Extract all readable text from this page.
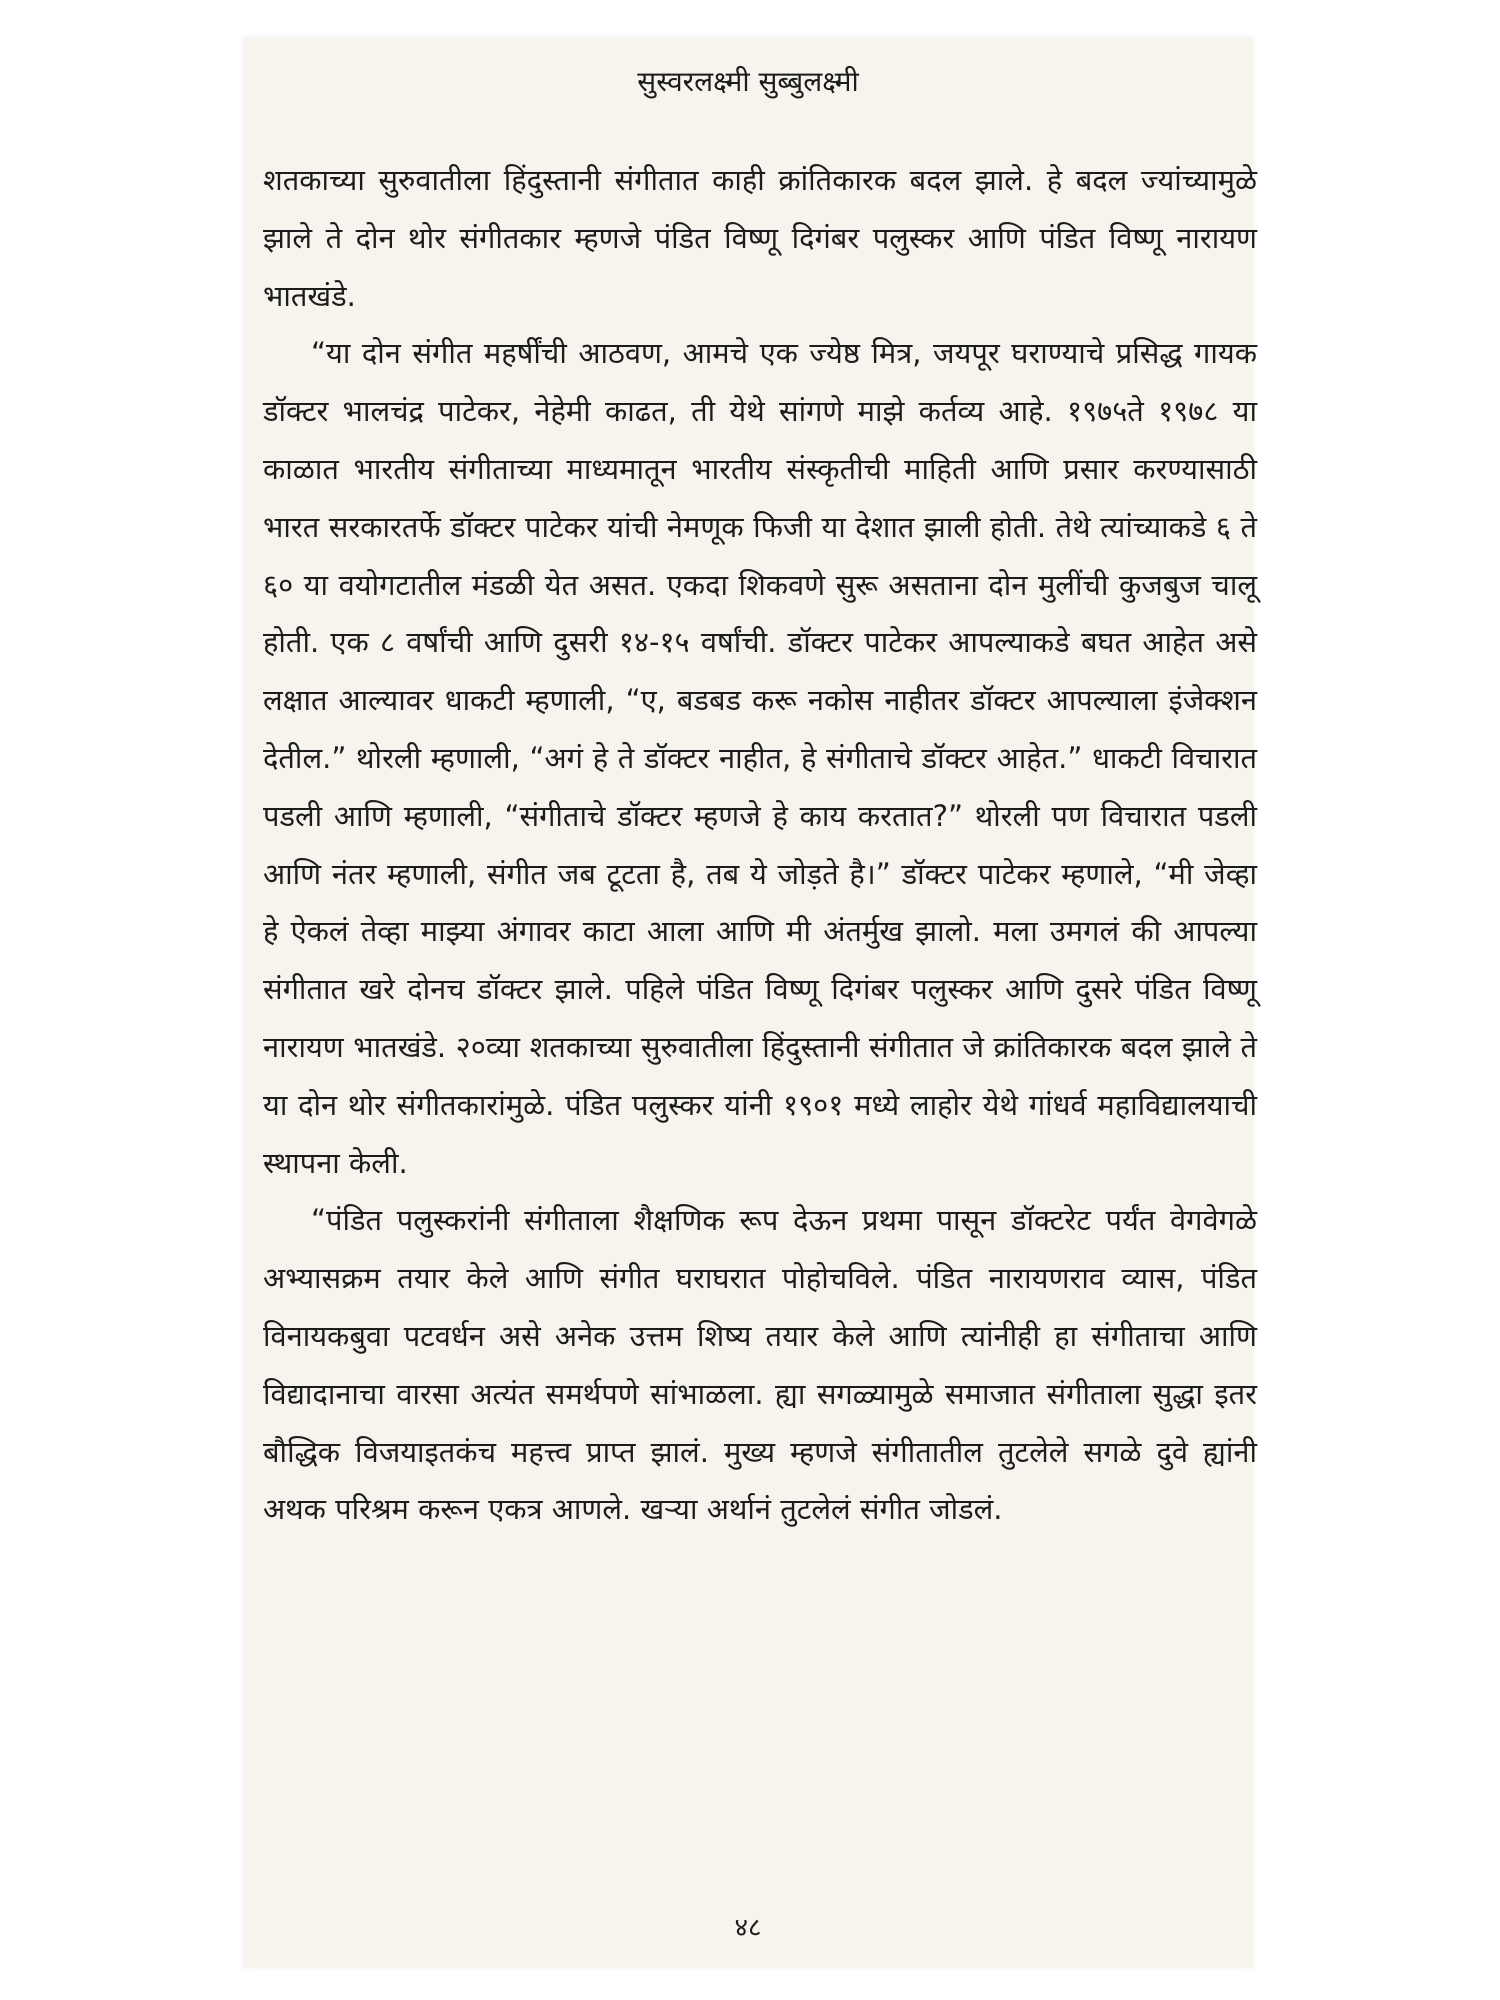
सुस्वरलक्ष्मी सुब्बुलक्ष्मी

शतकाच्या सुरुवातीला हिंदुस्तानी संगीतात काही क्रांतिकारक बदल झाले. हे बदल ज्यांच्यामुळे झाले ते दोन थोर संगीतकार म्हणजे पंडित विष्णू दिगंबर पलुस्कर आणि पंडित विष्णू नारायण भातखंडे.

“या दोन संगीत महर्षींची आठवण, आमचे एक ज्येष्ठ मित्र, जयपूर घराण्याचे प्रसिद्ध गायक डॉक्टर भालचंद्र पाटेकर, नेहेमी काढत, ती येथे सांगणे माझे कर्तव्य आहे. १९७५ते १९७८ या काळात भारतीय संगीताच्या माध्यमातून भारतीय संस्कृतीची माहिती आणि प्रसार करण्यासाठी भारत सरकारतर्फे डॉक्टर पाटेकर यांची नेमणूक फिजी या देशात झाली होती. तेथे त्यांच्याकडे ६ ते ६० या वयोगटातील मंडळी येत असत. एकदा शिकवणे सुरू असताना दोन मुलींची कुजबुज चालू होती. एक ८ वर्षांची आणि दुसरी १४-१५ वर्षांची. डॉक्टर पाटेकर आपल्याकडे बघत आहेत असे लक्षात आल्यावर धाकटी म्हणाली, “ए, बडबड करू नकोस नाहीतर डॉक्टर आपल्याला इंजेक्शन देतील.” थोरली म्हणाली, “अगं हे ते डॉक्टर नाहीत, हे संगीताचे डॉक्टर आहेत.” धाकटी विचारात पडली आणि म्हणाली, “संगीताचे डॉक्टर म्हणजे हे काय करतात?” थोरली पण विचारात पडली आणि नंतर म्हणाली, संगीत जब टूटता है, तब ये जोड़ते है।” डॉक्टर पाटेकर म्हणाले, “मी जेव्हा हे ऐकलं तेव्हा माझ्या अंगावर काटा आला आणि मी अंतर्मुख झालो. मला उमगलं की आपल्या संगीतात खरे दोनच डॉक्टर झाले. पहिले पंडित विष्णू दिगंबर पलुस्कर आणि दुसरे पंडित विष्णू नारायण भातखंडे. २०व्या शतकाच्या सुरुवातीला हिंदुस्तानी संगीतात जे क्रांतिकारक बदल झाले ते या दोन थोर संगीतकारांमुळे. पंडित पलुस्कर यांनी १९०१ मध्ये लाहोर येथे गांधर्व महाविद्यालयाची स्थापना केली.

“पंडित पलुस्करांनी संगीताला शैक्षणिक रूप देऊन प्रथमा पासून डॉक्टरेट पर्यंत वेगवेगळे अभ्यासक्रम तयार केले आणि संगीत घराघरात पोहोचविले. पंडित नारायणराव व्यास, पंडित विनायकबुवा पटवर्धन असे अनेक उत्तम शिष्य तयार केले आणि त्यांनीही हा संगीताचा आणि विद्यादानाचा वारसा अत्यंत समर्थपणे सांभाळला. ह्या सगळ्यामुळे समाजात संगीताला सुद्धा इतर बौद्धिक विजयाइतकंच महत्त्व प्राप्त झालं. मुख्य म्हणजे संगीतातील तुटलेले सगळे दुवे ह्यांनी अथक परिश्रम करून एकत्र आणले. खऱ्या अर्थानं तुटलेलं संगीत जोडलं.

४८
